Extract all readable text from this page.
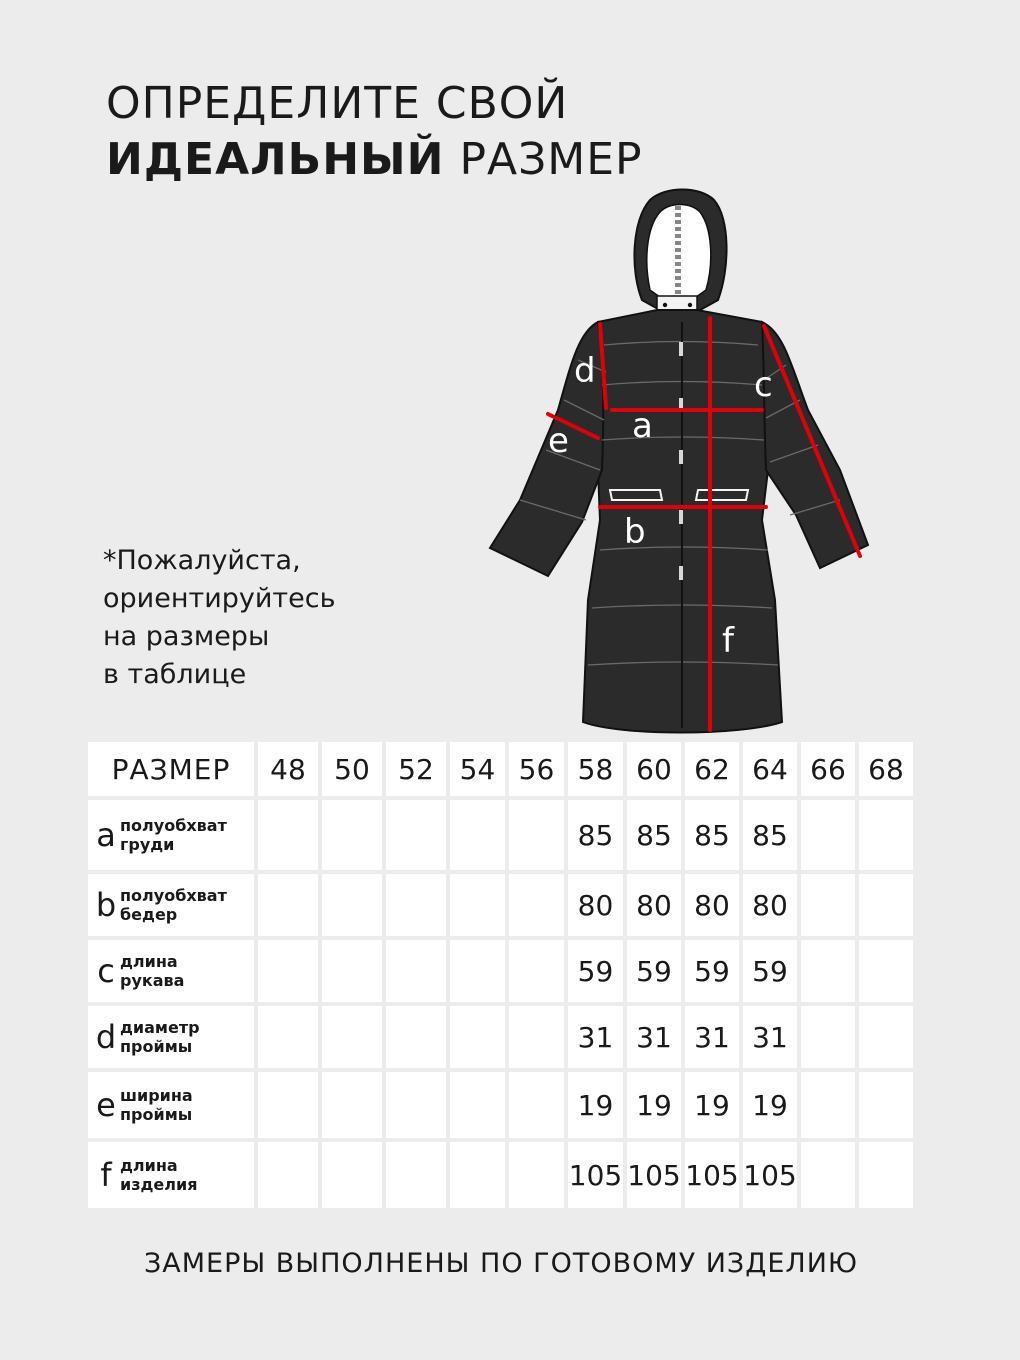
ОПРЕДЕЛИТЕ СВОЙ
ИДЕАЛЬНЫЙ РАЗМЕР
*Пожалуйста,
ориентируйтесь
на размеры
в таблице
a
b
c
d
e
f
РАЗМЕР	48	50	52	54	56	58	60	62	64	66	68
a полуобхват
груди						85	85	85	85		
b полуобхват
бедер						80	80	80	80		
c длина
рукава						59	59	59	59		
d диаметр
проймы						31	31	31	31		
e ширина
проймы						19	19	19	19		
f длина
изделия						105	105	105	105		
ЗАМЕРЫ ВЫПОЛНЕНЫ ПО ГОТОВОМУ ИЗДЕЛИЮ
